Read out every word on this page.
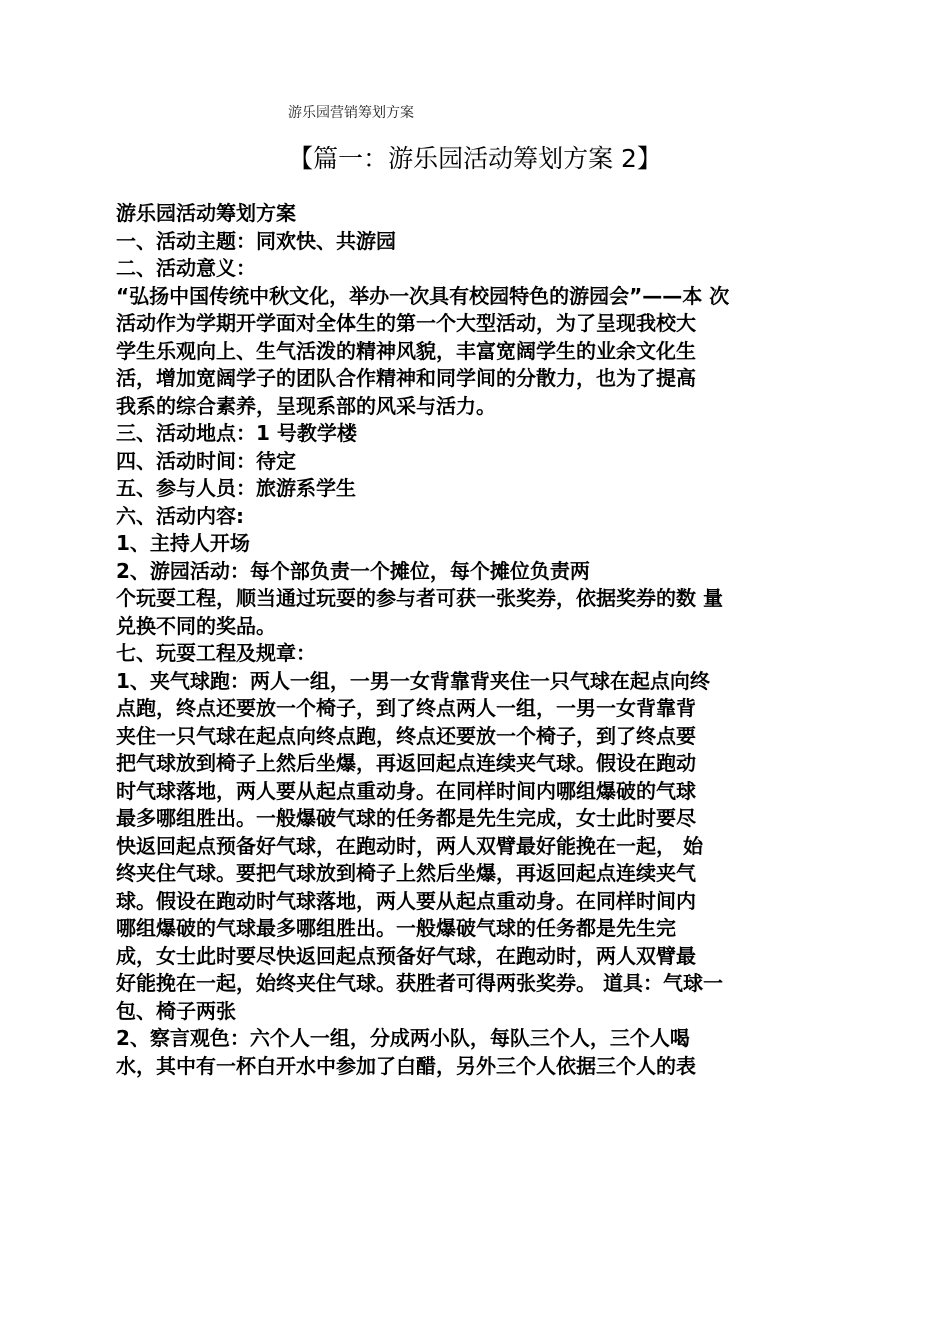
游乐园营销筹划方案
【篇一：游乐园活动筹划方案 2】
游乐园活动筹划方案
一、活动主题：同欢快、共游园
二、活动意义：
“弘扬中国传统中秋文化，举办一次具有校园特色的游园会”——本 次
活动作为学期开学面对全体生的第一个大型活动，为了呈现我校大
学生乐观向上、生气活泼的精神风貌，丰富宽阔学生的业余文化生
活，增加宽阔学子的团队合作精神和同学间的分散力，也为了提高
我系的综合素养，呈现系部的风采与活力。
三、活动地点：1 号教学楼
四、活动时间：待定
五、参与人员：旅游系学生
六、活动内容:
1、主持人开场
2、游园活动：每个部负责一个摊位，每个摊位负责两
个玩耍工程，顺当通过玩耍的参与者可获一张奖券，依据奖券的数 量
兑换不同的奖品。
七、玩耍工程及规章：
1、夹气球跑：两人一组，一男一女背靠背夹住一只气球在起点向终
点跑，终点还要放一个椅子，到了终点两人一组，一男一女背靠背
夹住一只气球在起点向终点跑，终点还要放一个椅子，到了终点要
把气球放到椅子上然后坐爆，再返回起点连续夹气球。假设在跑动
时气球落地，两人要从起点重动身。在同样时间内哪组爆破的气球
最多哪组胜出。一般爆破气球的任务都是先生完成，女士此时要尽
快返回起点预备好气球，在跑动时，两人双臂最好能挽在一起， 始
终夹住气球。要把气球放到椅子上然后坐爆，再返回起点连续夹气
球。假设在跑动时气球落地，两人要从起点重动身。在同样时间内
哪组爆破的气球最多哪组胜出。一般爆破气球的任务都是先生完
成，女士此时要尽快返回起点预备好气球，在跑动时，两人双臂最
好能挽在一起，始终夹住气球。获胜者可得两张奖券。 道具：气球一
包、椅子两张
2、察言观色：六个人一组，分成两小队，每队三个人，三个人喝
水，其中有一杯白开水中参加了白醋，另外三个人依据三个人的表
